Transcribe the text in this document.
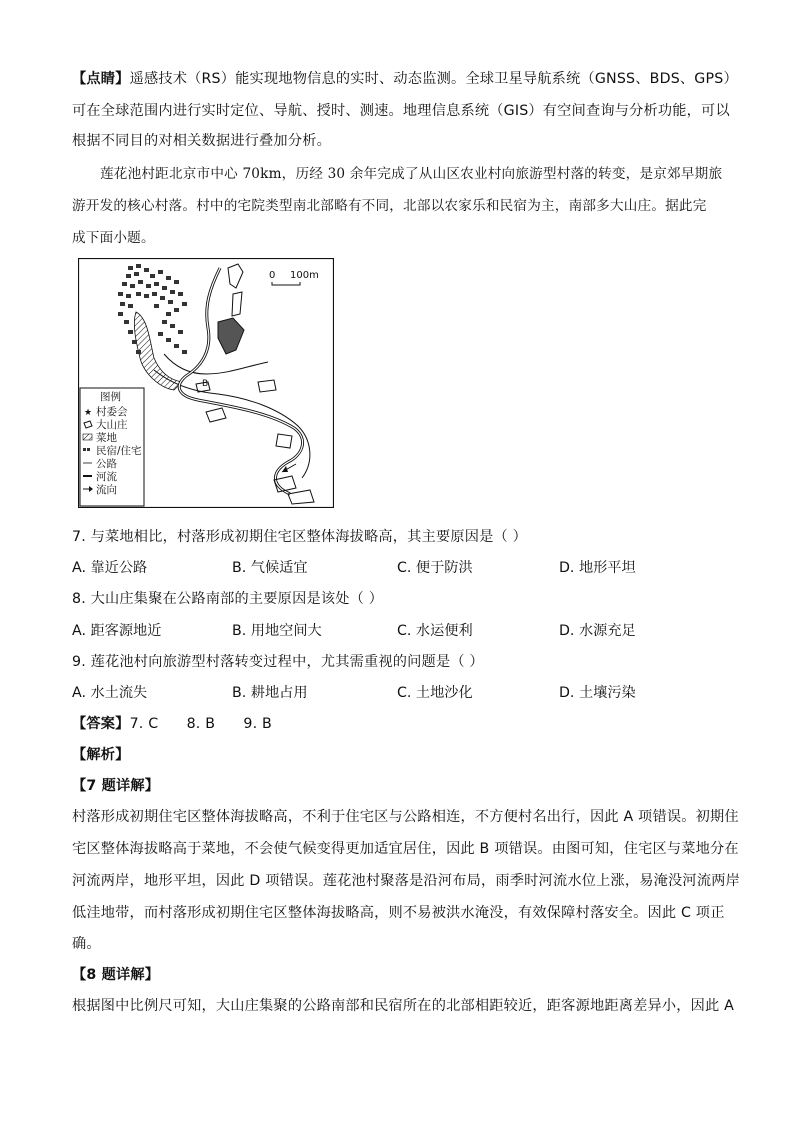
【点睛】遥感技术（RS）能实现地物信息的实时、动态监测。全球卫星导航系统（GNSS、BDS、GPS）
可在全球范围内进行实时定位、导航、授时、测速。地理信息系统（GIS）有空间查询与分析功能，可以
根据不同目的对相关数据进行叠加分析。
莲花池村距北京市中心 70km，历经 30 余年完成了从山区农业村向旅游型村落的转变，是京郊早期旅
游开发的核心村落。村中的宅院类型南北部略有不同，北部以农家乐和民宿为主，南部多大山庄。据此完
成下面小题。
0 100m
B
图例
★ 村委会
大山庄
菜地
民宿/住宅
公路
河流
流向
7. 与菜地相比，村落形成初期住宅区整体海拔略高，其主要原因是（ ）
A. 靠近公路	B. 气候适宜	C. 便于防洪	D. 地形平坦
8. 大山庄集聚在公路南部的主要原因是该处（ ）
A. 距客源地近	B. 用地空间大	C. 水运便利	D. 水源充足
9. 莲花池村向旅游型村落转变过程中，尤其需重视的问题是（ ）
A. 水土流失	B. 耕地占用	C. 土地沙化	D. 土壤污染
【答案】7. C      8. B      9. B
【解析】
【7 题详解】
村落形成初期住宅区整体海拔略高，不利于住宅区与公路相连，不方便村名出行，因此 A 项错误。初期住
宅区整体海拔略高于菜地，不会使气候变得更加适宜居住，因此 B 项错误。由图可知，住宅区与菜地分在
河流两岸，地形平坦，因此 D 项错误。莲花池村聚落是沿河布局，雨季时河流水位上涨，易淹没河流两岸
低洼地带，而村落形成初期住宅区整体海拔略高，则不易被洪水淹没，有效保障村落安全。因此 C 项正
确。
【8 题详解】
根据图中比例尺可知，大山庄集聚的公路南部和民宿所在的北部相距较近，距客源地距离差异小，因此 A
